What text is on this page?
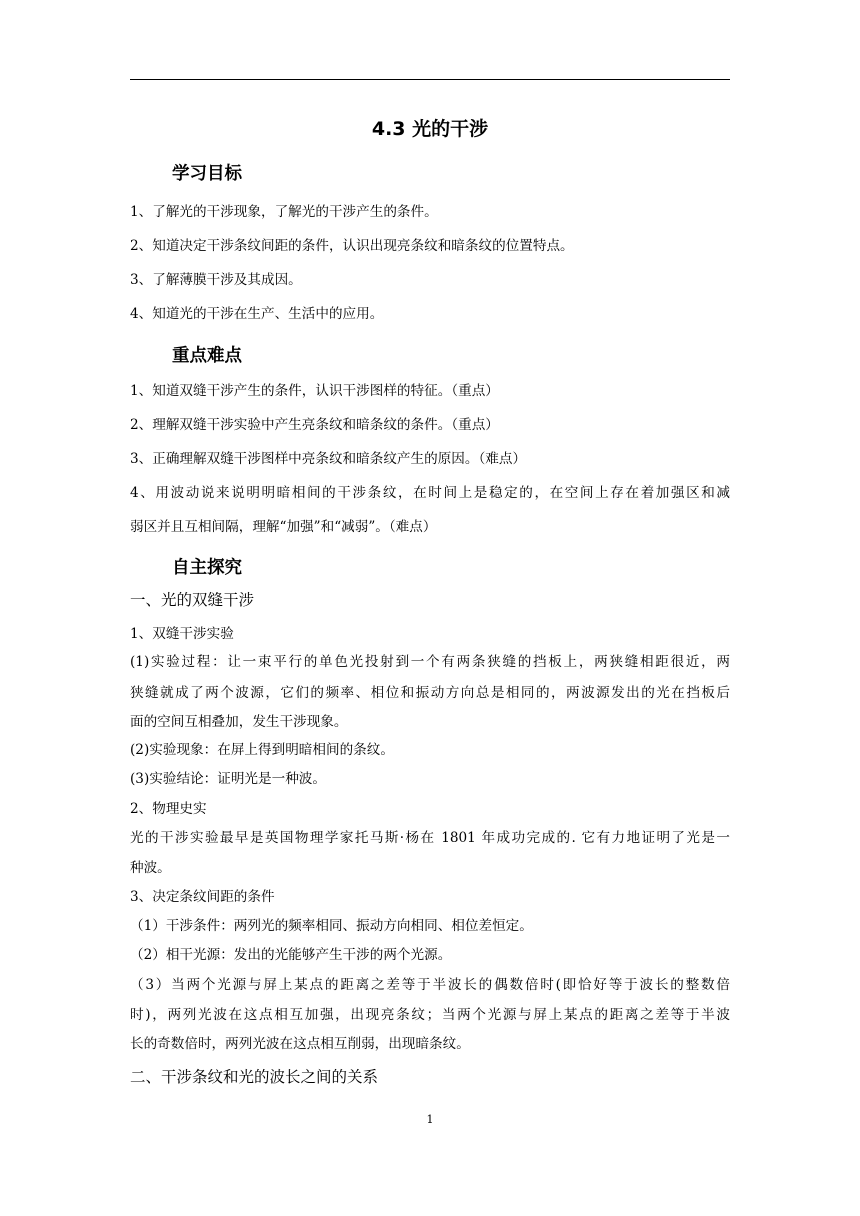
4.3 光的干涉
学习目标
1、了解光的干涉现象，了解光的干涉产生的条件。
2、知道决定干涉条纹间距的条件，认识出现亮条纹和暗条纹的位置特点。
3、了解薄膜干涉及其成因。
4、知道光的干涉在生产、生活中的应用。
重点难点
1、知道双缝干涉产生的条件，认识干涉图样的特征。（重点）
2、理解双缝干涉实验中产生亮条纹和暗条纹的条件。（重点）
3、正确理解双缝干涉图样中亮条纹和暗条纹产生的原因。（难点）
4、用波动说来说明明暗相间的干涉条纹，在时间上是稳定的，在空间上存在着加强区和减
弱区并且互相间隔，理解“加强”和“减弱”。（难点）
自主探究
一、光的双缝干涉
1、双缝干涉实验
(1)实验过程：让一束平行的单色光投射到一个有两条狭缝的挡板上，两狭缝相距很近，两
狭缝就成了两个波源，它们的频率、相位和振动方向总是相同的，两波源发出的光在挡板后
面的空间互相叠加，发生干涉现象。
(2)实验现象：在屏上得到明暗相间的条纹。
(3)实验结论：证明光是一种波。
2、物理史实
光的干涉实验最早是英国物理学家托马斯·杨在 1801 年成功完成的. 它有力地证明了光是一
种波。
3、决定条纹间距的条件
（1）干涉条件：两列光的频率相同、振动方向相同、相位差恒定。
（2）相干光源：发出的光能够产生干涉的两个光源。
（3）当两个光源与屏上某点的距离之差等于半波长的偶数倍时(即恰好等于波长的整数倍
时)，两列光波在这点相互加强，出现亮条纹；当两个光源与屏上某点的距离之差等于半波
长的奇数倍时，两列光波在这点相互削弱，出现暗条纹。
二、干涉条纹和光的波长之间的关系
1
